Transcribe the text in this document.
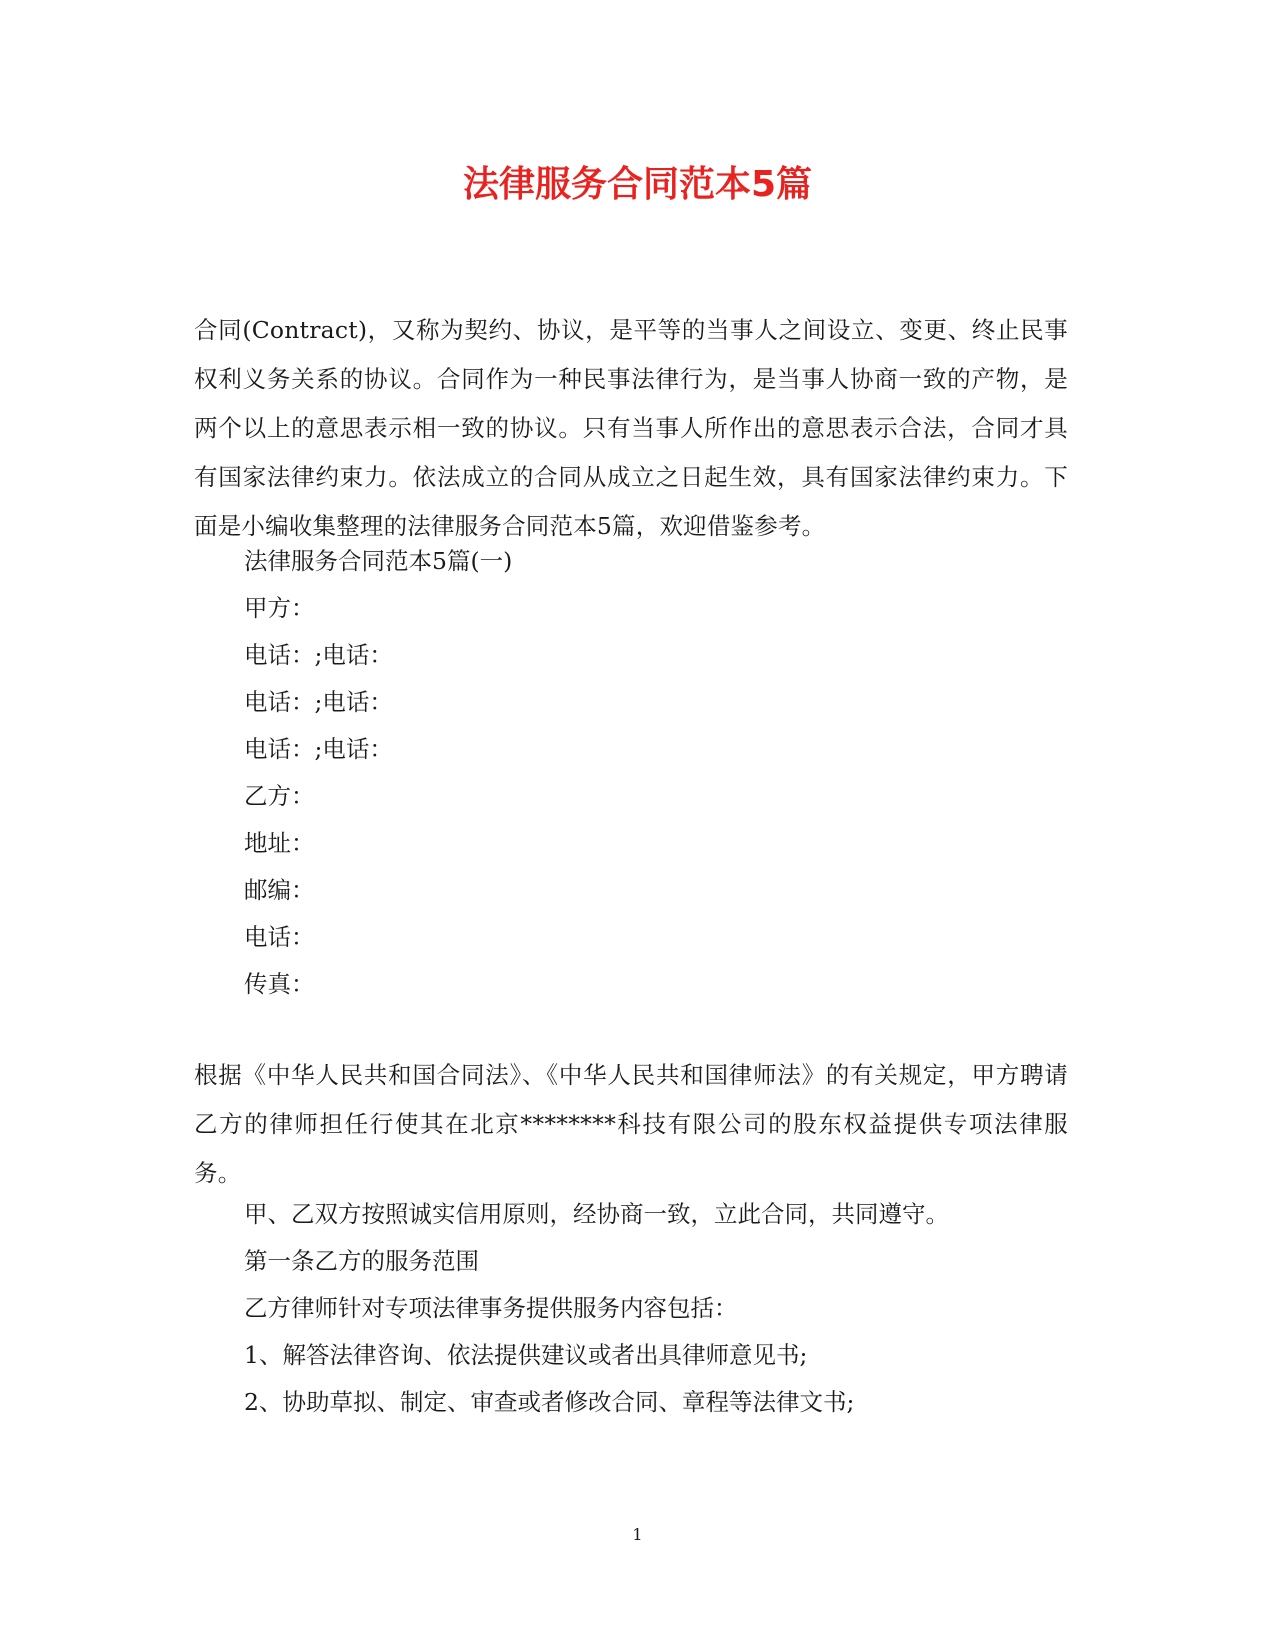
法律服务合同范本5篇

合同(Contract)，又称为契约、协议，是平等的当事人之间设立、变更、终止民事权利义务关系的协议。合同作为一种民事法律行为，是当事人协商一致的产物，是两个以上的意思表示相一致的协议。只有当事人所作出的意思表示合法，合同才具有国家法律约束力。依法成立的合同从成立之日起生效，具有国家法律约束力。下面是小编收集整理的法律服务合同范本5篇，欢迎借鉴参考。

法律服务合同范本5篇(一)

甲方：

电话：;电话：

电话：;电话：

电话：;电话：

乙方：

地址：

邮编：

电话：

传真：

根据《中华人民共和国合同法》、《中华人民共和国律师法》的有关规定，甲方聘请乙方的律师担任行使其在北京********科技有限公司的股东权益提供专项法律服务。

甲、乙双方按照诚实信用原则，经协商一致，立此合同，共同遵守。

第一条乙方的服务范围

乙方律师针对专项法律事务提供服务内容包括：

1、解答法律咨询、依法提供建议或者出具律师意见书;

2、协助草拟、制定、审查或者修改合同、章程等法律文书;

1
